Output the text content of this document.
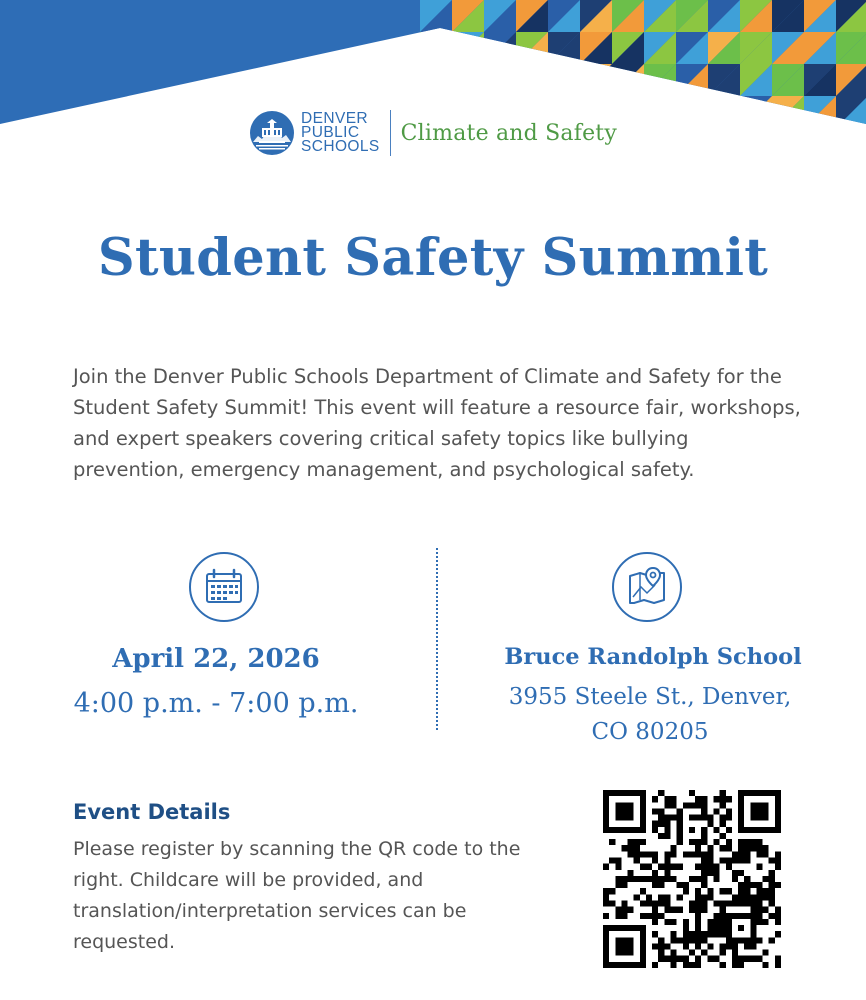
DENVER
PUBLIC
SCHOOLS
Climate and Safety
Student Safety Summit

Join the Denver Public Schools Department of Climate and Safety for the Student Safety Summit! This event will feature a resource fair, workshops, and expert speakers covering critical safety topics like bullying prevention, emergency management, and psychological safety.

April 22, 2026
4:00 p.m. - 7:00 p.m.
Bruce Randolph School
3955 Steele St., Denver,
CO 80205
Event Details

Please register by scanning the QR code to the right. Childcare will be provided, and translation/interpretation services can be requested.
